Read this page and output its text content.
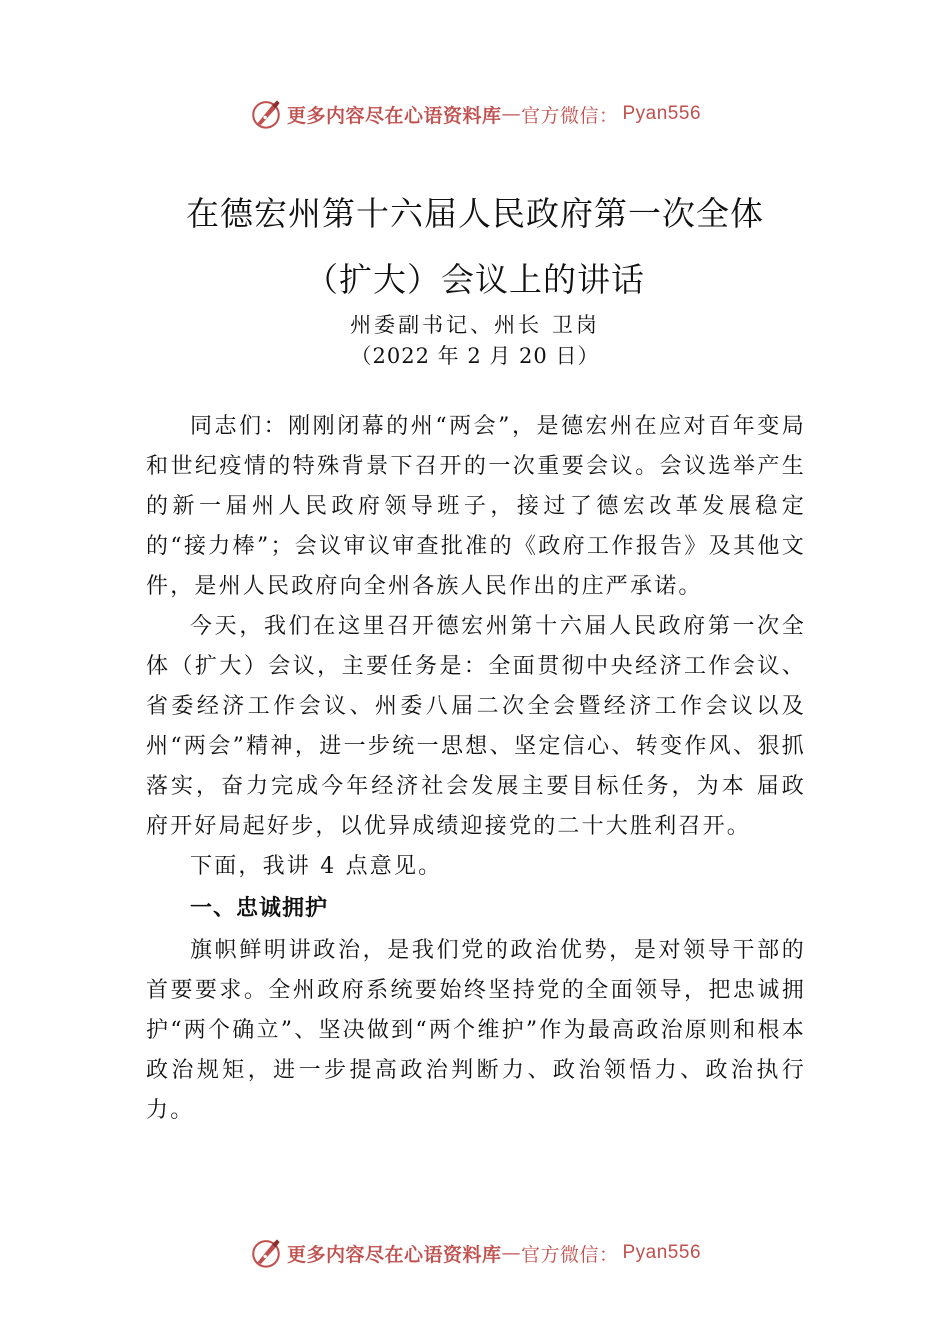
更多内容尽在心语资料库 — 官方微信： Pyan556
在德宏州第十六届人民政府第一次全体
（扩大）会议上的讲话
州委副书记、州长 卫岗
（2022 年 2 月 20 日）

同志们：刚刚闭幕的州“两会”，是德宏州在应对百年变局和世纪疫情的特殊背景下召开的一次重要会议。会议选举产生的新一届州人民政府领导班子，接过了德宏改革发展稳定的“接力棒”；会议审议审查批准的《政府工作报告》及其他文件，是州人民政府向全州各族人民作出的庄严承诺。

今天，我们在这里召开德宏州第十六届人民政府第一次全体（扩大）会议，主要任务是：全面贯彻中央经济工作会议、省委经济工作会议、州委八届二次全会暨经济工作会议以及州“两会”精神，进一步统一思想、坚定信心、转变作风、狠抓落实，奋力完成今年经济社会发展主要目标任务，为本 届政府开好局起好步，以优异成绩迎接党的二十大胜利召开。

下面，我讲 4 点意见。

一、忠诚拥护

旗帜鲜明讲政治，是我们党的政治优势，是对领导干部的首要要求。全州政府系统要始终坚持党的全面领导，把忠诚拥护“两个确立”、坚决做到“两个维护”作为最高政治原则和根本政治规矩，进一步提高政治判断力、政治领悟力、政治执行力。

更多内容尽在心语资料库 — 官方微信： Pyan556
